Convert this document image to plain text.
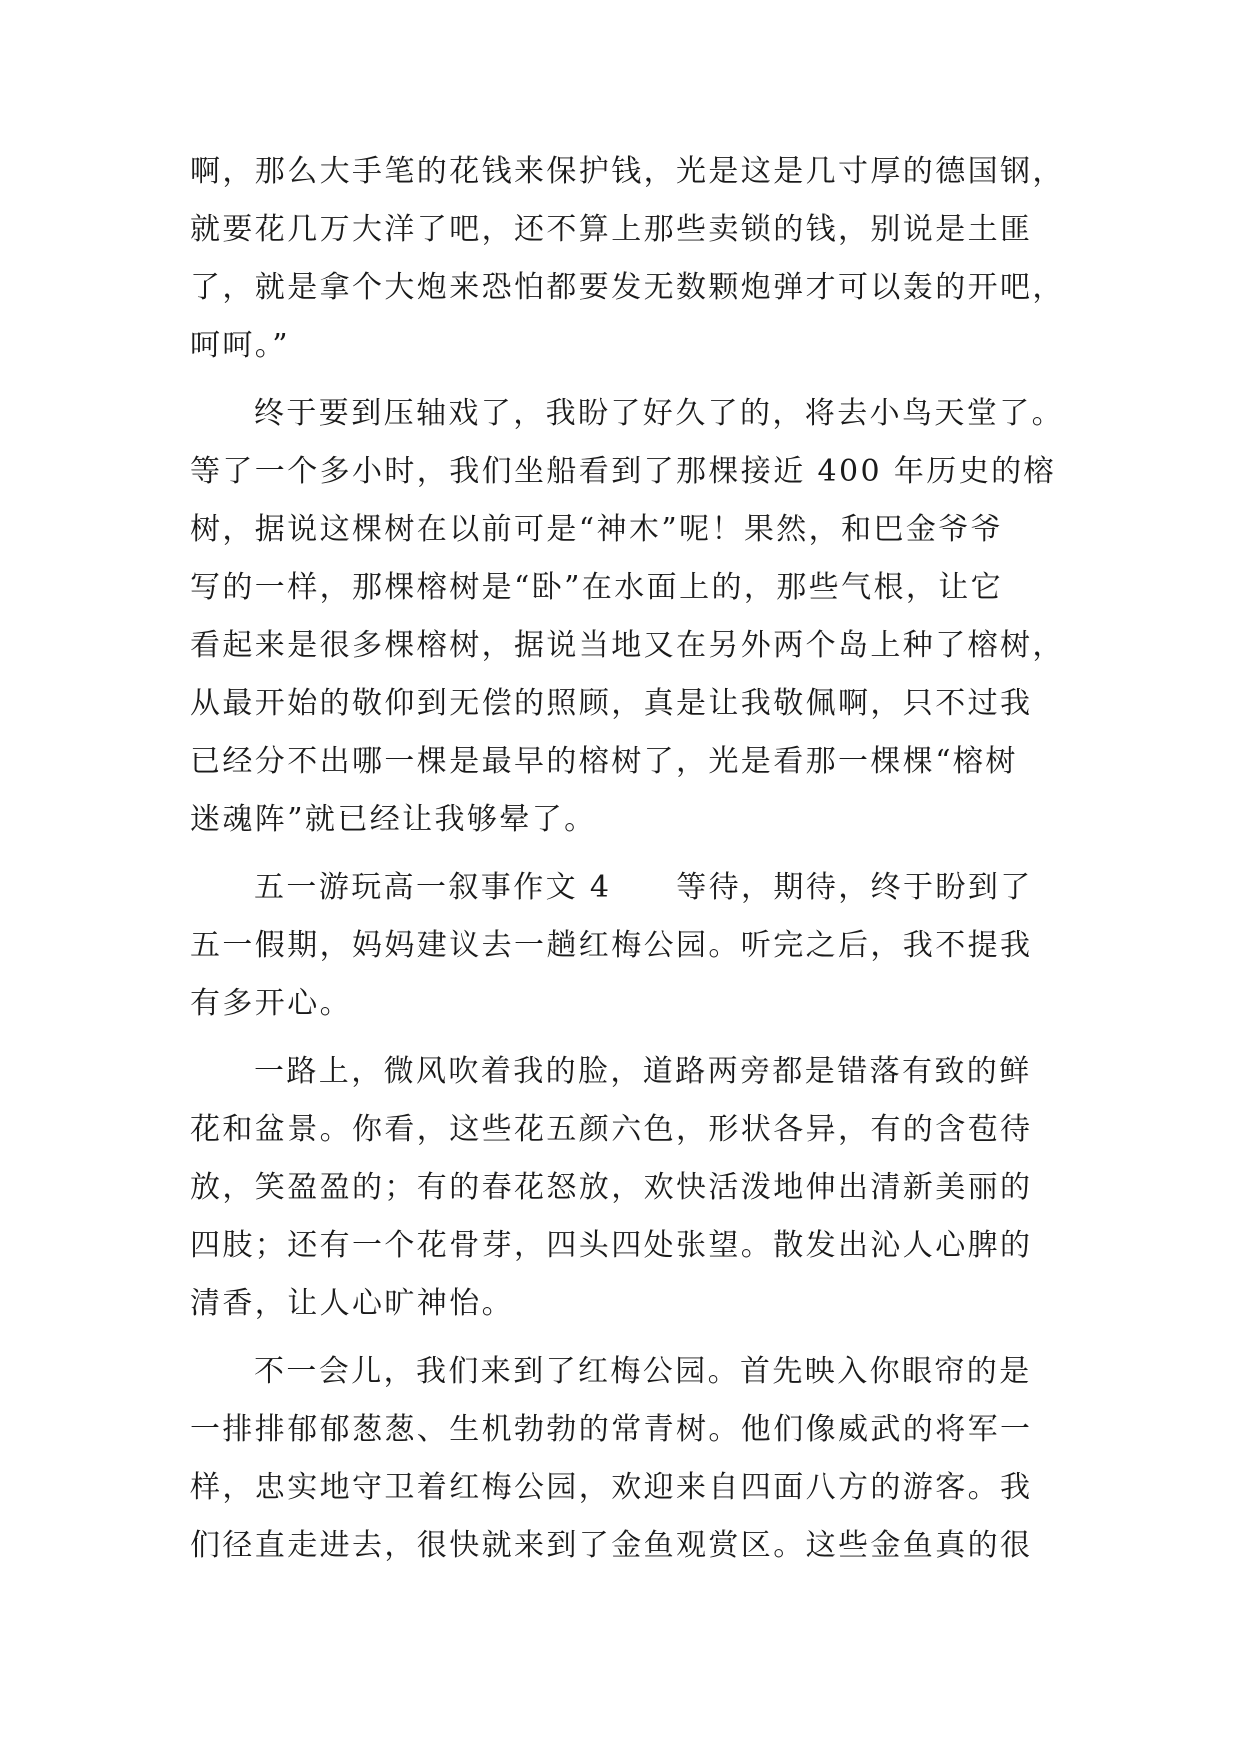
啊，那么大手笔的花钱来保护钱，光是这是几寸厚的德国钢，
就要花几万大洋了吧，还不算上那些卖锁的钱，别说是土匪
了，就是拿个大炮来恐怕都要发无数颗炮弹才可以轰的开吧，
呵呵。”
终于要到压轴戏了，我盼了好久了的，将去小鸟天堂了。
等了一个多小时，我们坐船看到了那棵接近 400 年历史的榕
树，据说这棵树在以前可是“神木”呢！果然，和巴金爷爷
写的一样，那棵榕树是“卧”在水面上的，那些气根，让它
看起来是很多棵榕树，据说当地又在另外两个岛上种了榕树，
从最开始的敬仰到无偿的照顾，真是让我敬佩啊，只不过我
已经分不出哪一棵是最早的榕树了，光是看那一棵棵“榕树
迷魂阵”就已经让我够晕了。
五一游玩高一叙事作文 4　　等待，期待，终于盼到了
五一假期，妈妈建议去一趟红梅公园。听完之后，我不提我
有多开心。
一路上，微风吹着我的脸，道路两旁都是错落有致的鲜
花和盆景。你看，这些花五颜六色，形状各异，有的含苞待
放，笑盈盈的；有的春花怒放，欢快活泼地伸出清新美丽的
四肢；还有一个花骨芽，四头四处张望。散发出沁人心脾的
清香，让人心旷神怡。
不一会儿，我们来到了红梅公园。首先映入你眼帘的是
一排排郁郁葱葱、生机勃勃的常青树。他们像威武的将军一
样，忠实地守卫着红梅公园，欢迎来自四面八方的游客。我
们径直走进去，很快就来到了金鱼观赏区。这些金鱼真的很
